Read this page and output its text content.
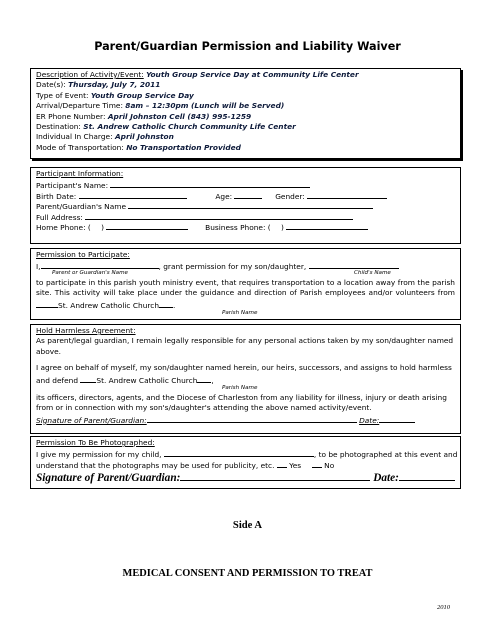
Parent/Guardian Permission and Liability Waiver
Description of Activity/Event: Youth Group Service Day at Community Life Center
Date(s): Thursday, July 7, 2011
Type of Event: Youth Group Service Day
Arrival/Departure Time: 8am – 12:30pm (Lunch will be Served)
ER Phone Number: April Johnston Cell (843) 995-1259
Destination: St. Andrew Catholic Church Community Life Center
Individual In Charge: April Johnston
Mode of Transportation: No Transportation Provided
Participant Information:
Participant's Name:
Birth Date:	Age:	Gender:
Parent/Guardian's Name
Full Address:
Home Phone: ( )	Business Phone: ( )
Permission to Participate:
I,	, grant permission for my son/daughter,
Parent or Guardian's Name	Child's Name
to participate in this parish youth ministry event, that requires transportation to a location away from the parish site. This activity will take place under the guidance and direction of Parish employees and/or volunteers from St. Andrew Catholic Church .
Parish Name
Hold Harmless Agreement:
As parent/legal guardian, I remain legally responsible for any personal actions taken by my son/daughter named above.
I agree on behalf of myself, my son/daughter named herein, our heirs, successors, and assigns to hold harmless and defend St. Andrew Catholic Church ,
Parish Name
its officers, directors, agents, and the Diocese of Charleston from any liability for illness, injury or death arising from or in connection with my son's/daughter's attending the above named activity/event.
Signature of Parent/Guardian:	Date:
Permission To Be Photographed:
I give my permission for my child,	, to be photographed at this event and
understand that the photographs may be used for publicity, etc. Yes	No
Signature of Parent/Guardian:	Date:
Side A
MEDICAL CONSENT AND PERMISSION TO TREAT
2010
